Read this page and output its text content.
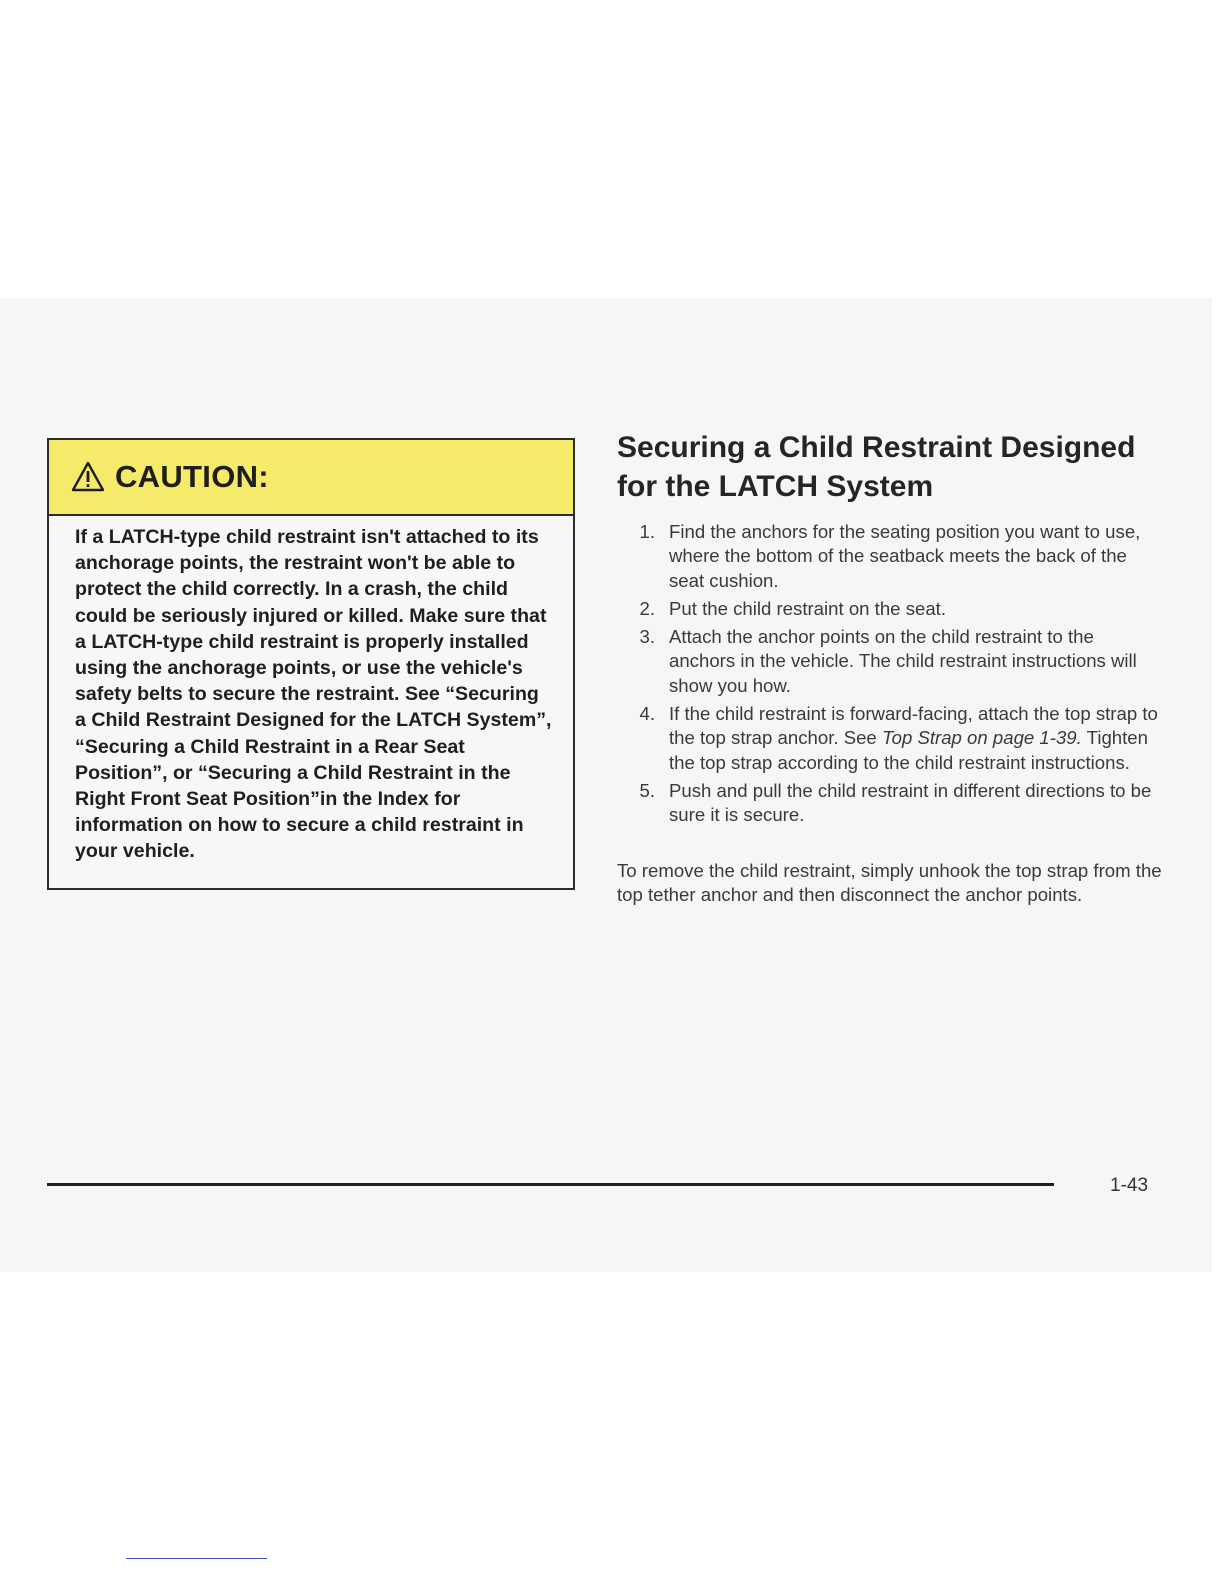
CAUTION:
If a LATCH-type child restraint isn't attached to its anchorage points, the restraint won't be able to protect the child correctly. In a crash, the child could be seriously injured or killed. Make sure that a LATCH-type child restraint is properly installed using the anchorage points, or use the vehicle's safety belts to secure the restraint. See “Securing a Child Restraint Designed for the LATCH System”, “Securing a Child Restraint in a Rear Seat Position”, or “Securing a Child Restraint in the Right Front Seat Position”in the Index for information on how to secure a child restraint in your vehicle.
Securing a Child Restraint Designed for the LATCH System
1. Find the anchors for the seating position you want to use, where the bottom of the seatback meets the back of the seat cushion.
2. Put the child restraint on the seat.
3. Attach the anchor points on the child restraint to the anchors in the vehicle. The child restraint instructions will show you how.
4. If the child restraint is forward-facing, attach the top strap to the top strap anchor. See Top Strap on page 1-39. Tighten the top strap according to the child restraint instructions.
5. Push and pull the child restraint in different directions to be sure it is secure.

To remove the child restraint, simply unhook the top strap from the top tether anchor and then disconnect the anchor points.

1-43
